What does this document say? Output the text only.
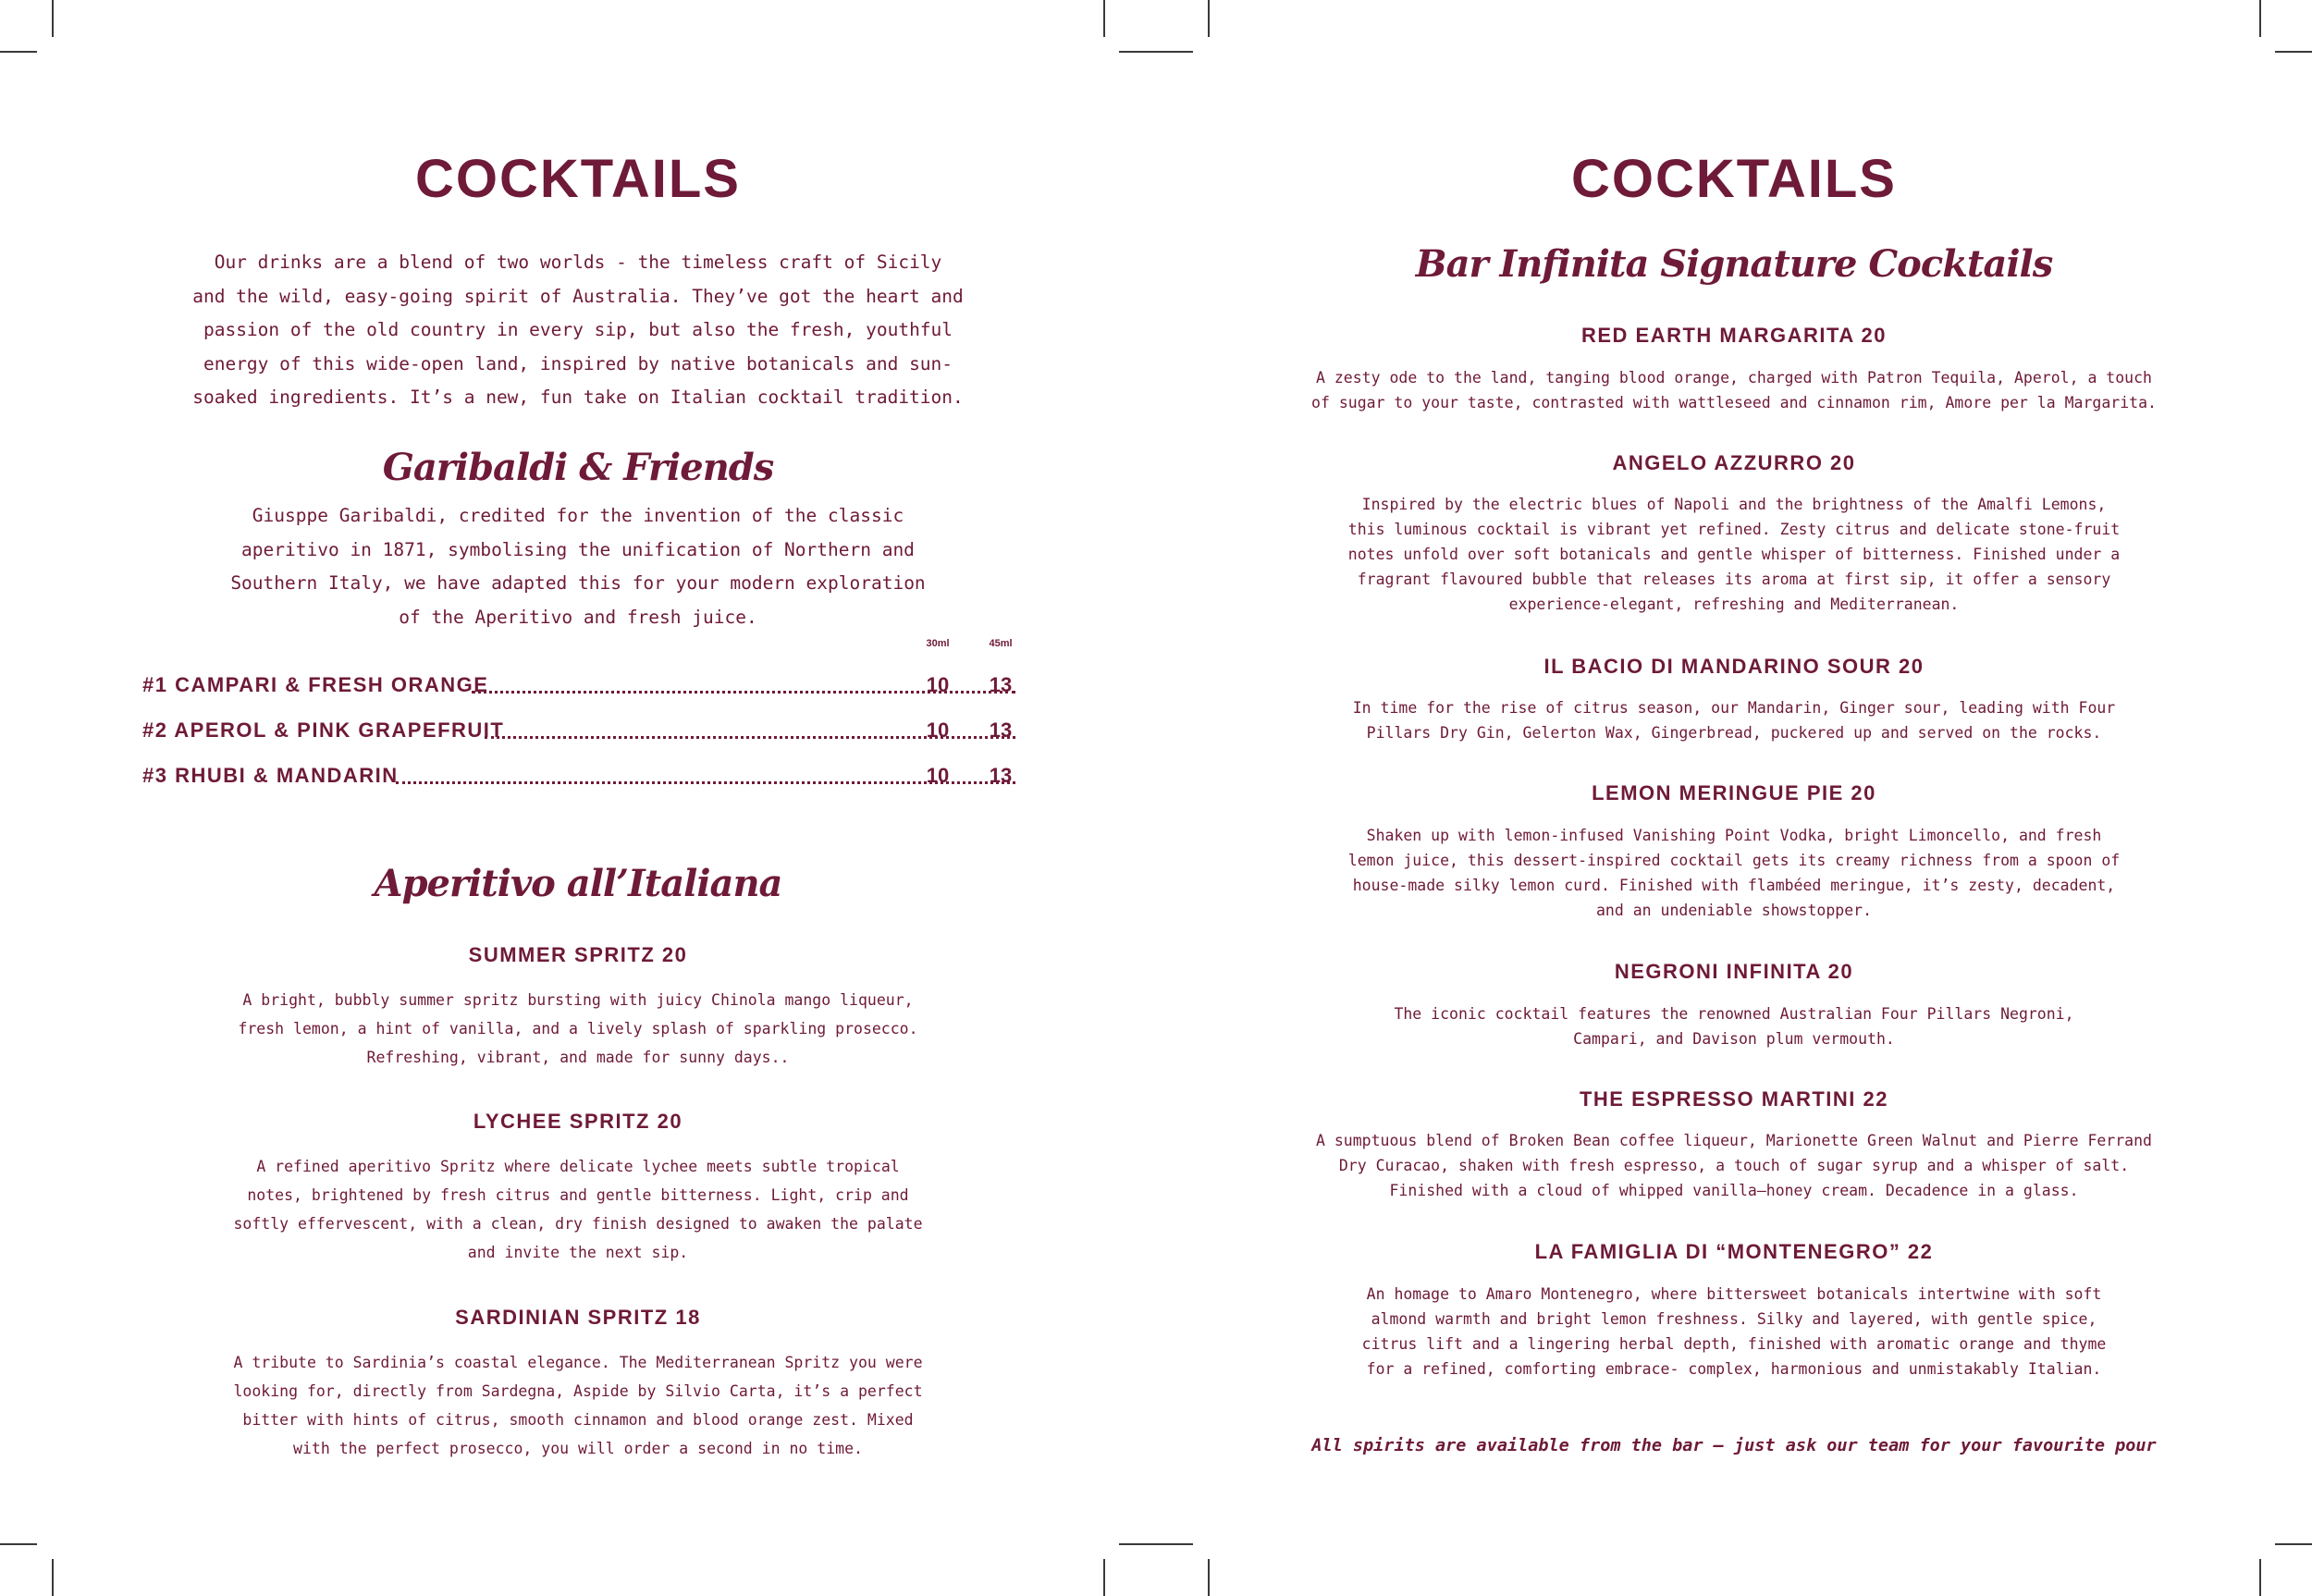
COCKTAILS
Our drinks are a blend of two worlds - the timeless craft of Sicily
and the wild, easy-going spirit of Australia. They’ve got the heart and
passion of the old country in every sip, but also the fresh, youthful
energy of this wide-open land, inspired by native botanicals and sun-
soaked ingredients. It’s a new, fun take on Italian cocktail tradition.
Garibaldi & Friends
Giusppe Garibaldi, credited for the invention of the classic
aperitivo in 1871, symbolising the unification of Northern and
Southern Italy, we have adapted this for your modern exploration
of the Aperitivo and fresh juice.
30ml	45ml
#1 CAMPARI & FRESH ORANGE	10 13
#2 APEROL & PINK GRAPEFRUIT	10 13
#3 RHUBI & MANDARIN	10 13
Aperitivo all’Italiana
SUMMER SPRITZ 20
A bright, bubbly summer spritz bursting with juicy Chinola mango liqueur,
fresh lemon, a hint of vanilla, and a lively splash of sparkling prosecco.
Refreshing, vibrant, and made for sunny days..
LYCHEE SPRITZ 20
A refined aperitivo Spritz where delicate lychee meets subtle tropical
notes, brightened by fresh citrus and gentle bitterness. Light, crip and
softly effervescent, with a clean, dry finish designed to awaken the palate
and invite the next sip.
SARDINIAN SPRITZ 18
A tribute to Sardinia’s coastal elegance. The Mediterranean Spritz you were
looking for, directly from Sardegna, Aspide by Silvio Carta, it’s a perfect
bitter with hints of citrus, smooth cinnamon and blood orange zest. Mixed
with the perfect prosecco, you will order a second in no time.
COCKTAILS
Bar Infinita Signature Cocktails
RED EARTH MARGARITA 20
A zesty ode to the land, tanging blood orange, charged with Patron Tequila, Aperol, a touch
of sugar to your taste, contrasted with wattleseed and cinnamon rim, Amore per la Margarita.
ANGELO AZZURRO 20
Inspired by the electric blues of Napoli and the brightness of the Amalfi Lemons,
this luminous cocktail is vibrant yet refined. Zesty citrus and delicate stone-fruit
notes unfold over soft botanicals and gentle whisper of bitterness. Finished under a
fragrant flavoured bubble that releases its aroma at first sip, it offer a sensory
experience-elegant, refreshing and Mediterranean.
IL BACIO DI MANDARINO SOUR 20
In time for the rise of citrus season, our Mandarin, Ginger sour, leading with Four
Pillars Dry Gin, Gelerton Wax, Gingerbread, puckered up and served on the rocks.
LEMON MERINGUE PIE 20
Shaken up with lemon-infused Vanishing Point Vodka, bright Limoncello, and fresh
lemon juice, this dessert-inspired cocktail gets its creamy richness from a spoon of
house-made silky lemon curd. Finished with flambéed meringue, it’s zesty, decadent,
and an undeniable showstopper.
NEGRONI INFINITA 20
The iconic cocktail features the renowned Australian Four Pillars Negroni,
Campari, and Davison plum vermouth.
THE ESPRESSO MARTINI 22
A sumptuous blend of Broken Bean coffee liqueur, Marionette Green Walnut and Pierre Ferrand
Dry Curacao, shaken with fresh espresso, a touch of sugar syrup and a whisper of salt.
Finished with a cloud of whipped vanilla—honey cream. Decadence in a glass.
LA FAMIGLIA DI “MONTENEGRO” 22
An homage to Amaro Montenegro, where bittersweet botanicals intertwine with soft
almond warmth and bright lemon freshness. Silky and layered, with gentle spice,
citrus lift and a lingering herbal depth, finished with aromatic orange and thyme
for a refined, comforting embrace- complex, harmonious and unmistakably Italian.
All spirits are available from the bar – just ask our team for your favourite pour
